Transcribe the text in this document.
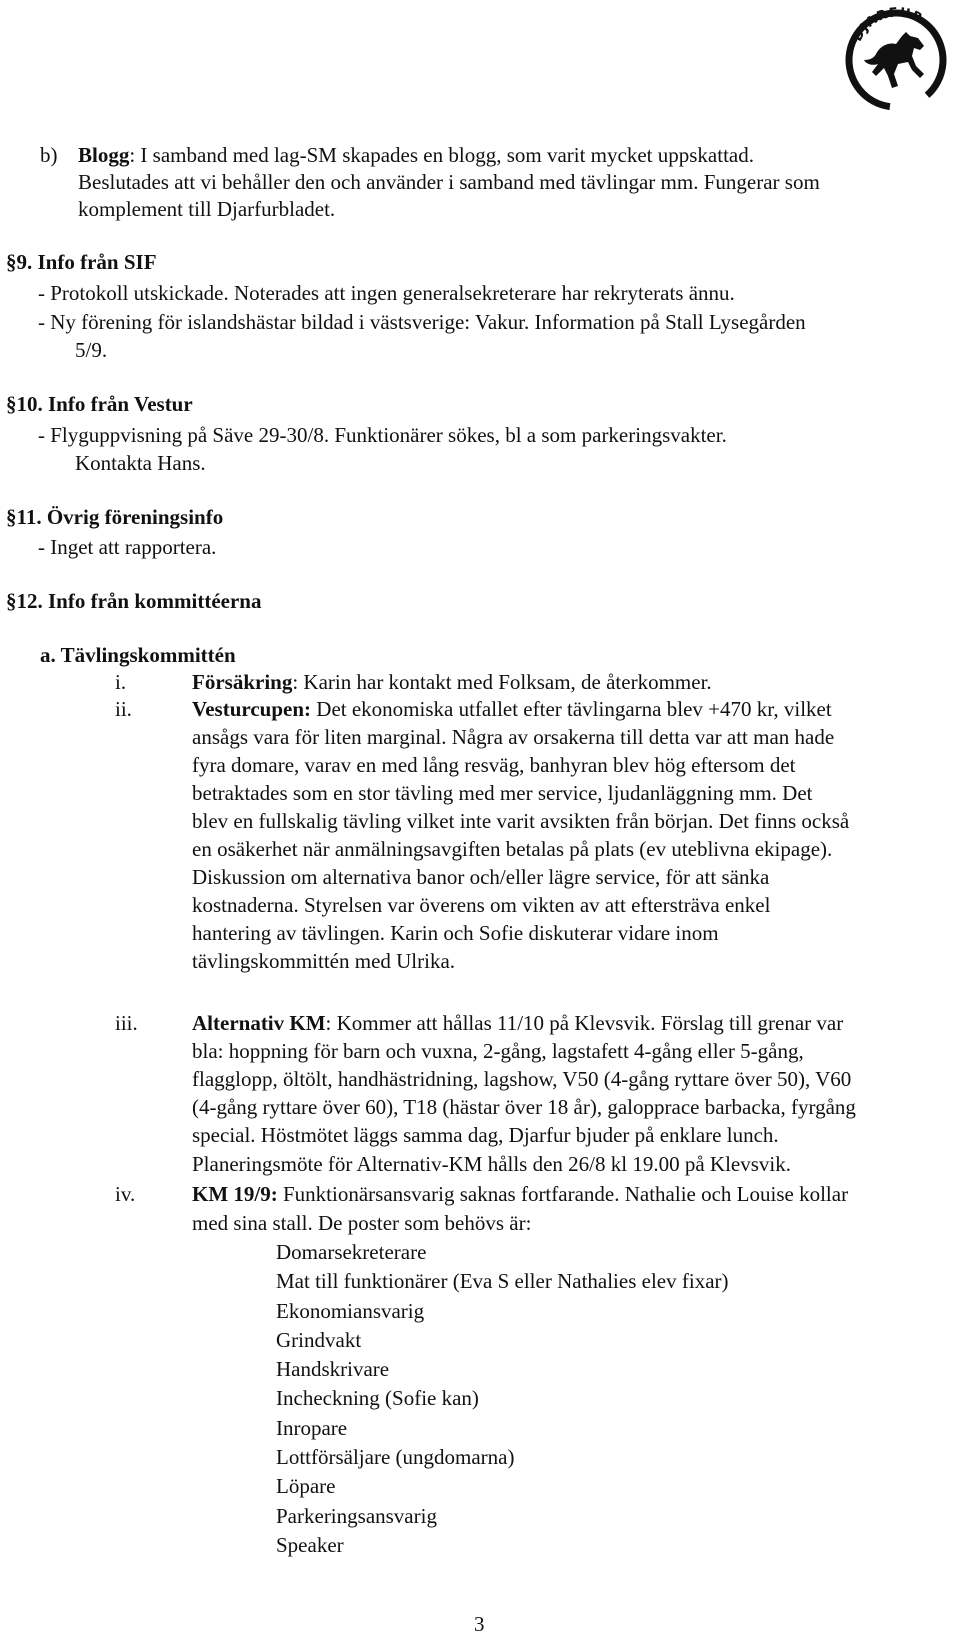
DJARFUR
b) Blogg: I samband med lag-SM skapades en blogg, som varit mycket uppskattad.
Beslutades att vi behåller den och använder i samband med tävlingar mm. Fungerar som
komplement till Djarfurbladet.
§9. Info från SIF
- Protokoll utskickade. Noterades att ingen generalsekreterare har rekryterats ännu.
- Ny förening för islandshästar bildad i västsverige: Vakur. Information på Stall Lysegården
5/9.
§10. Info från Vestur
- Flyguppvisning på Säve 29-30/8. Funktionärer sökes, bl a som parkeringsvakter.
Kontakta Hans.
§11. Övrig föreningsinfo
- Inget att rapportera.
§12. Info från kommittéerna
a. Tävlingskommittén
i.	Försäkring: Karin har kontakt med Folksam, de återkommer.
ii.	Vesturcupen: Det ekonomiska utfallet efter tävlingarna blev +470 kr, vilket
ansågs vara för liten marginal. Några av orsakerna till detta var att man hade
fyra domare, varav en med lång resväg, banhyran blev hög eftersom det
betraktades som en stor tävling med mer service, ljudanläggning mm. Det
blev en fullskalig tävling vilket inte varit avsikten från början. Det finns också
en osäkerhet när anmälningsavgiften betalas på plats (ev uteblivna ekipage).
Diskussion om alternativa banor och/eller lägre service, för att sänka
kostnaderna. Styrelsen var överens om vikten av att eftersträva enkel
hantering av tävlingen. Karin och Sofie diskuterar vidare inom
tävlingskommittén med Ulrika.
iii.	Alternativ KM: Kommer att hållas 11/10 på Klevsvik. Förslag till grenar var
bla: hoppning för barn och vuxna, 2-gång, lagstafett 4-gång eller 5-gång,
flagglopp, öltölt, handhästridning, lagshow, V50 (4-gång ryttare över 50), V60
(4-gång ryttare över 60), T18 (hästar över 18 år), galopprace barbacka, fyrgång
special. Höstmötet läggs samma dag, Djarfur bjuder på enklare lunch.
Planeringsmöte för Alternativ-KM hålls den 26/8 kl 19.00 på Klevsvik.
iv.	KM 19/9: Funktionärsansvarig saknas fortfarande. Nathalie och Louise kollar
med sina stall. De poster som behövs är:
Domarsekreterare
Mat till funktionärer (Eva S eller Nathalies elev fixar)
Ekonomiansvarig
Grindvakt
Handskrivare
Incheckning (Sofie kan)
Inropare
Lottförsäljare (ungdomarna)
Löpare
Parkeringsansvarig
Speaker
3
